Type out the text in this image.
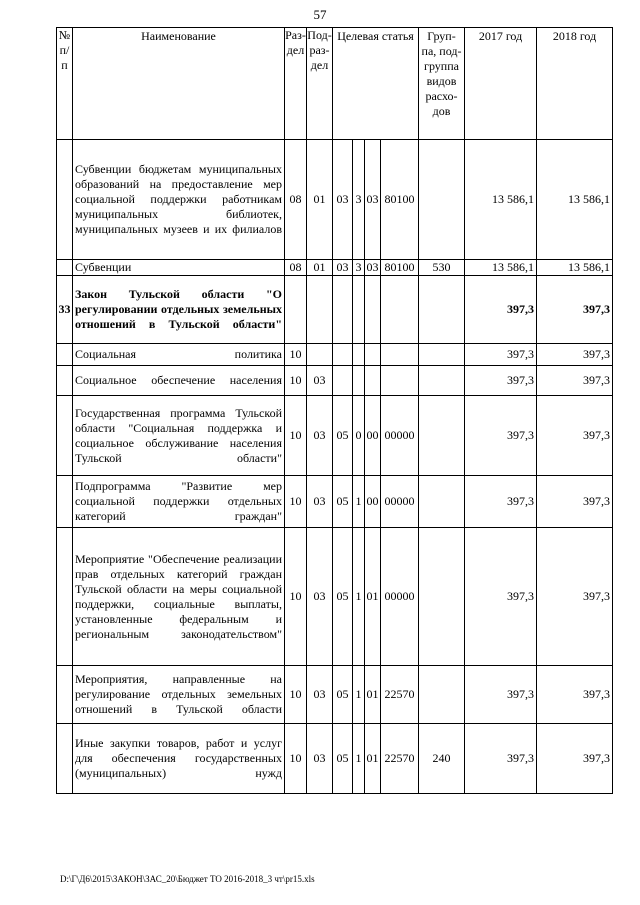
57
№ п/п	Наименование	Раз-дел	Под-раз-дел	Целевая статья				Груп-па, под-группа видов расхо-дов	2017 год	2018 год
	Субвенции бюджетам муниципальных образований на предоставление мер социальной поддержки работникам муниципальных библиотек, муниципальных музеев и их филиалов	08	01	03	3	03	80100		13 586,1	13 586,1
	Субвенции	08	01	03	3	03	80100	530	13 586,1	13 586,1
33	Закон Тульской области "О регулировании отдельных земельных отношений в Тульской области"								397,3	397,3
	Социальная политика	10							397,3	397,3
	Социальное обеспечение населения	10	03						397,3	397,3
	Государственная программа Тульской области "Социальная поддержка и социальное обслуживание населения Тульской области"	10	03	05	0	00	00000		397,3	397,3
	Подпрограмма "Развитие мер социальной поддержки отдельных категорий граждан"	10	03	05	1	00	00000		397,3	397,3
	Мероприятие "Обеспечение реализации прав отдельных категорий граждан Тульской области на меры социальной поддержки, социальные выплаты, установленные федеральным и региональным законодательством"	10	03	05	1	01	00000		397,3	397,3
	Мероприятия, направленные на регулирование отдельных земельных отношений в Тульской области	10	03	05	1	01	22570		397,3	397,3
	Иные закупки товаров, работ и услуг для обеспечения государственных (муниципальных) нужд	10	03	05	1	01	22570	240	397,3	397,3
D:\Г\Д6\2015\ЗАКОН\ЗАС_20\Бюджет ТО 2016-2018_3 чт\pr15.xls
